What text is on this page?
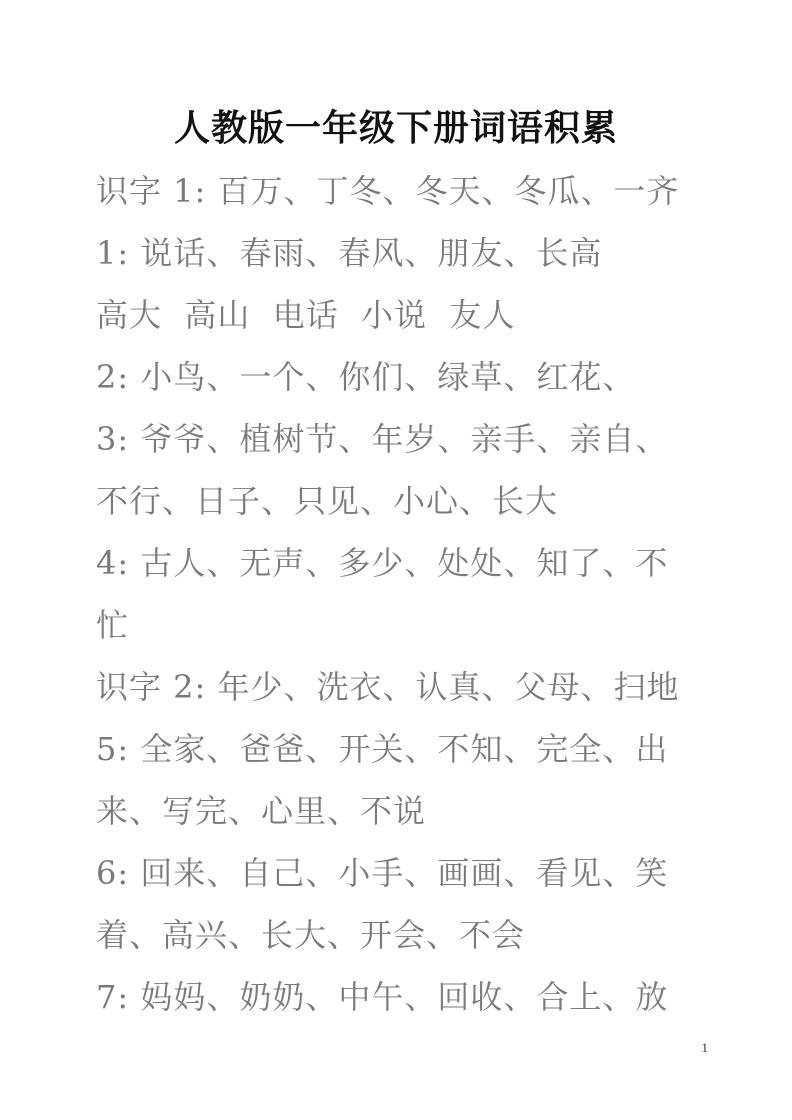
人教版一年级下册词语积累
识字 1: 百万、丁冬、冬天、冬瓜、一齐
1: 说话、春雨、春风、朋友、长高
高大  高山  电话  小说  友人
2: 小鸟、一个、你们、绿草、红花、
3: 爷爷、植树节、年岁、亲手、亲自、
不行、日子、只见、小心、长大
4: 古人、无声、多少、处处、知了、不
忙
识字 2: 年少、洗衣、认真、父母、扫地
5: 全家、爸爸、开关、不知、完全、出
来、写完、心里、不说
6: 回来、自己、小手、画画、看见、笑
着、高兴、长大、开会、不会
7: 妈妈、奶奶、中午、回收、合上、放
1
